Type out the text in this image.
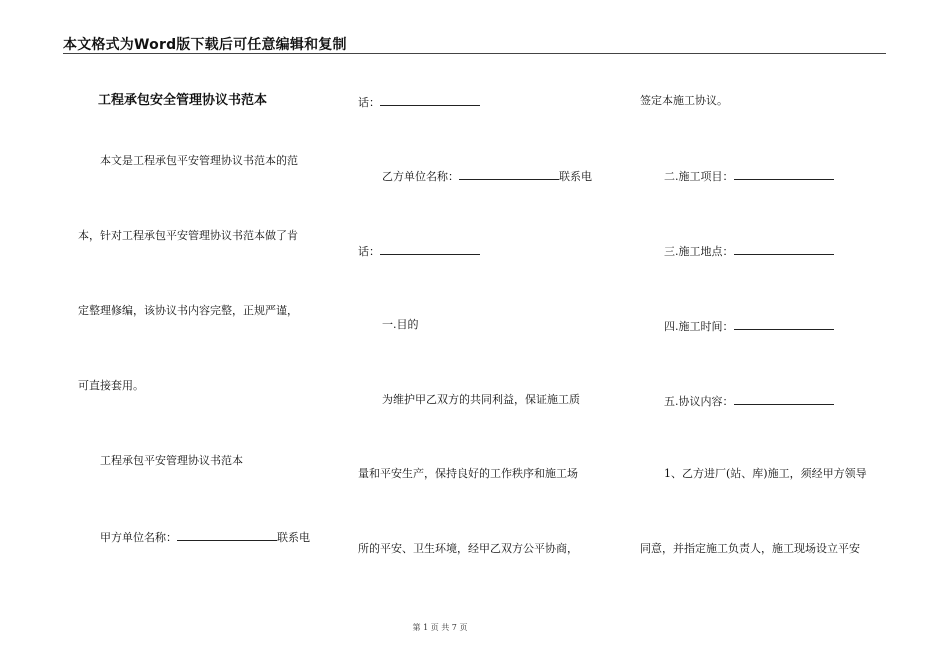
本文格式为Word版下载后可任意编辑和复制
工程承包安全管理协议书范本
本文是工程承包平安管理协议书范本的范
本，针对工程承包平安管理协议书范本做了肯
定整理修编，该协议书内容完整，正规严谨，
可直接套用。
工程承包平安管理协议书范本
甲方单位名称：	联系电
话：
乙方单位名称：	联系电
话：
一.目的
为维护甲乙双方的共同利益，保证施工质
量和平安生产，保持良好的工作秩序和施工场
所的平安、卫生环境，经甲乙双方公平协商，
签定本施工协议。
二.施工项目：
三.施工地点：
四.施工时间：
五.协议内容：
1、乙方进厂(站、库)施工，须经甲方领导
同意，并指定施工负责人，施工现场设立平安
第 1 页 共 7 页
